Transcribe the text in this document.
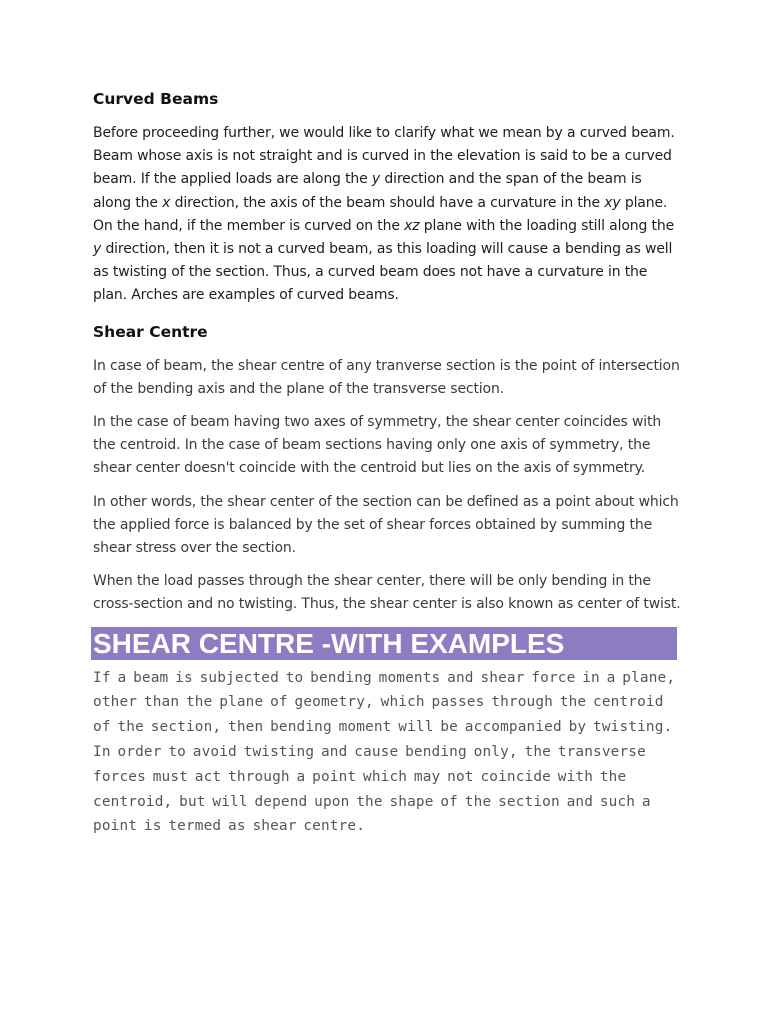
Curved Beams

Before proceeding further, we would like to clarify what we mean by a curved beam. Beam whose axis is not straight and is curved in the elevation is said to be a curved beam. If the applied loads are along the y direction and the span of the beam is along the x direction, the axis of the beam should have a curvature in the xy plane. On the hand, if the member is curved on the xz plane with the loading still along the y direction, then it is not a curved beam, as this loading will cause a bending as well as twisting of the section. Thus, a curved beam does not have a curvature in the plan. Arches are examples of curved beams.

Shear Centre

In case of beam, the shear centre of any tranverse section is the point of intersection of the bending axis and the plane of the transverse section.

In the case of beam having two axes of symmetry, the shear center coincides with the centroid. In the case of beam sections having only one axis of symmetry, the shear center doesn't coincide with the centroid but lies on the axis of symmetry.

In other words, the shear center of the section can be defined as a point about which the applied force is balanced by the set of shear forces obtained by summing the shear stress over the section.

When the load passes through the shear center, there will be only bending in the cross-section and no twisting. Thus, the shear center is also known as center of twist.

SHEAR CENTRE -WITH EXAMPLES

If a beam is subjected to bending moments and shear force in a plane, other than the plane of geometry, which passes through the centroid of the section, then bending moment will be accompanied by twisting. In order to avoid twisting and cause bending only, the transverse forces must act through a point which may not coincide with the centroid, but will depend upon the shape of the section and such a point is termed as shear centre.
